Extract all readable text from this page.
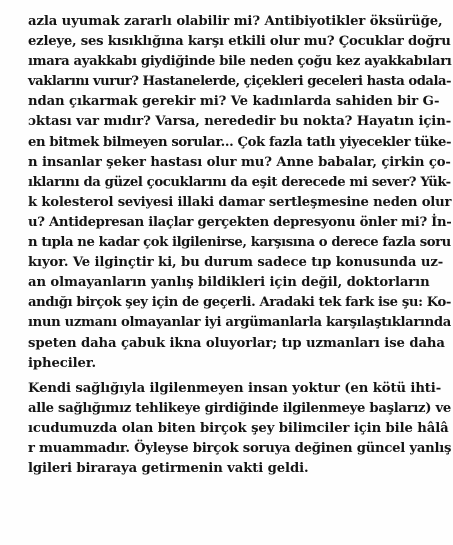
azla uyumak zararlı olabilir mi? Antibiyotikler öksürüğe,
ezleye, ses kısıklığına karşı etkili olur mu? Çocuklar doğru
ımara ayakkabı giydiğinde bile neden çoğu kez ayakkabıları
vaklarını vurur? Hastanelerde, çiçekleri geceleri hasta odala-
ndan çıkarmak gerekir mi? Ve kadınlarda sahiden bir G-
ɔktası var mıdır? Varsa, nerededir bu nokta? Hayatın için-
en bitmek bilmeyen sorular... Çok fazla tatlı yiyecekler tüke-
n insanlar şeker hastası olur mu? Anne babalar, çirkin ço-
ıklarını da güzel çocuklarını da eşit derecede mi sever? Yük-
k kolesterol seviyesi illaki damar sertleşmesine neden olur
u? Antidepresan ilaçlar gerçekten depresyonu önler mi? İn-
n tıpla ne kadar çok ilgilenirse, karşısına o derece fazla soru
kıyor. Ve ilginçtir ki, bu durum sadece tıp konusunda uz-
an olmayanların yanlış bildikleri için değil, doktorların
andığı birçok şey için de geçerli. Aradaki tek fark ise şu: Ko-
ınun uzmanı olmayanlar iyi argümanlarla karşılaştıklarında
speten daha çabuk ikna oluyorlar; tıp uzmanları ise daha
ipheciler.
Kendi sağlığıyla ilgilenmeyen insan yoktur (en kötü ihti-
alle sağlığımız tehlikeye girdiğinde ilgilenmeye başlarız) ve
ıcudumuzda olan biten birçok şey bilimciler için bile hâlâ
r muammadır. Öyleyse birçok soruya değinen güncel yanlış
lgileri biraraya getirmenin vakti geldi.
